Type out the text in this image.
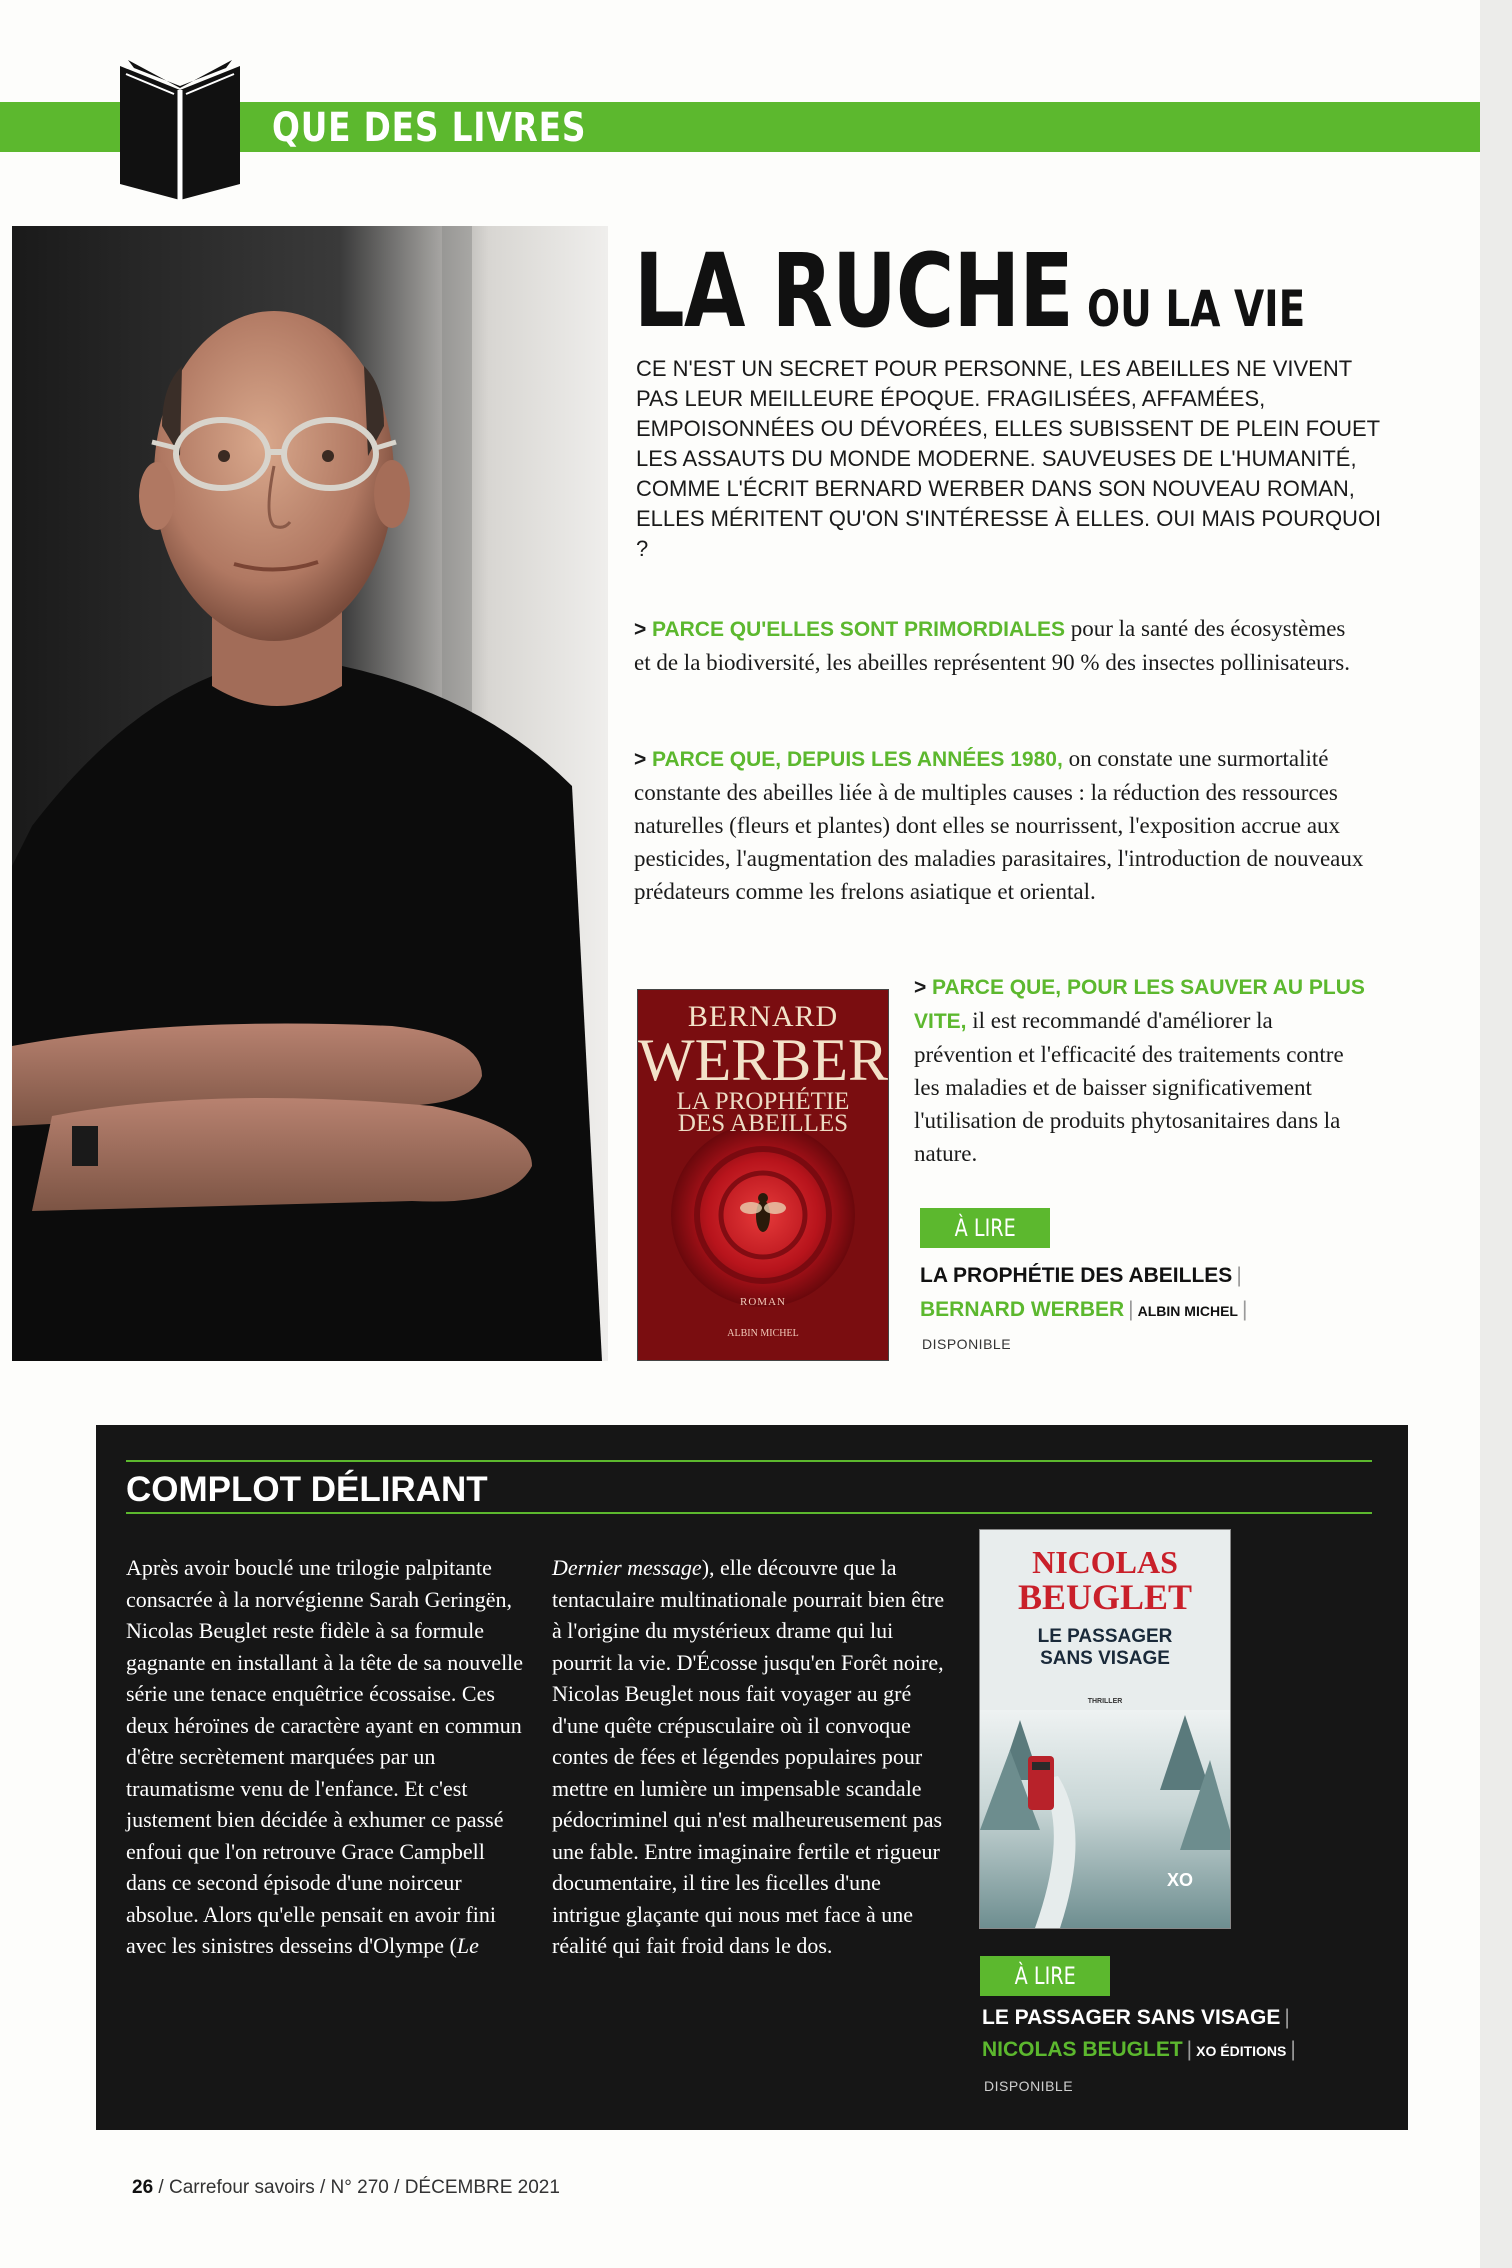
QUE DES LIVRES
LA RUCHE OU LA VIE
CE N'EST UN SECRET POUR PERSONNE, LES ABEILLES NE VIVENT PAS LEUR MEILLEURE ÉPOQUE. FRAGILISÉES, AFFAMÉES, EMPOISONNÉES OU DÉVORÉES, ELLES SUBISSENT DE PLEIN FOUET LES ASSAUTS DU MONDE MODERNE. SAUVEUSES DE L'HUMANITÉ, COMME L'ÉCRIT BERNARD WERBER DANS SON NOUVEAU ROMAN, ELLES MÉRITENT QU'ON S'INTÉRESSE À ELLES. OUI MAIS POURQUOI ?
> PARCE QU'ELLES SONT PRIMORDIALES pour la santé des écosystèmes et de la biodiversité, les abeilles représentent 90 % des insectes pollinisateurs.
> PARCE QUE, DEPUIS LES ANNÉES 1980, on constate une surmortalité constante des abeilles liée à de multiples causes : la réduction des ressources naturelles (fleurs et plantes) dont elles se nourrissent, l'exposition accrue aux pesticides, l'augmentation des maladies parasitaires, l'introduction de nouveaux prédateurs comme les frelons asiatique et oriental.
> PARCE QUE, POUR LES SAUVER AU PLUS VITE, il est recommandé d'améliorer la prévention et l'efficacité des traitements contre les maladies et de baisser significativement l'utilisation de produits phytosanitaires dans la nature.
BERNARD
WERBER
LA PROPHÉTIE
DES ABEILLES
ROMAN
ALBIN MICHEL
À LIRE
LA PROPHÉTIE DES ABEILLES |
BERNARD WERBER | ALBIN MICHEL |
DISPONIBLE
COMPLOT DÉLIRANT
Après avoir bouclé une trilogie palpitante consacrée à la norvégienne Sarah Geringën, Nicolas Beuglet reste fidèle à sa formule gagnante en installant à la tête de sa nouvelle série une tenace enquêtrice écossaise. Ces deux héroïnes de caractère ayant en commun d'être secrètement marquées par un traumatisme venu de l'enfance. Et c'est justement bien décidée à exhumer ce passé enfoui que l'on retrouve Grace Campbell dans ce second épisode d'une noirceur absolue. Alors qu'elle pensait en avoir fini avec les sinistres desseins d'Olympe (Le
Dernier message), elle découvre que la tentaculaire multinationale pourrait bien être à l'origine du mystérieux drame qui lui pourrit la vie. D'Écosse jusqu'en Forêt noire, Nicolas Beuglet nous fait voyager au gré d'une quête crépusculaire où il convoque contes de fées et légendes populaires pour mettre en lumière un impensable scandale pédocriminel qui n'est malheureusement pas une fable. Entre imaginaire fertile et rigueur documentaire, il tire les ficelles d'une intrigue glaçante qui nous met face à une réalité qui fait froid dans le dos.
XO
NICOLAS
BEUGLET
LE PASSAGER
SANS VISAGE
THRILLER
À LIRE
LE PASSAGER SANS VISAGE |
NICOLAS BEUGLET | XO ÉDITIONS |
DISPONIBLE
26 / Carrefour savoirs / N° 270 / DÉCEMBRE 2021
